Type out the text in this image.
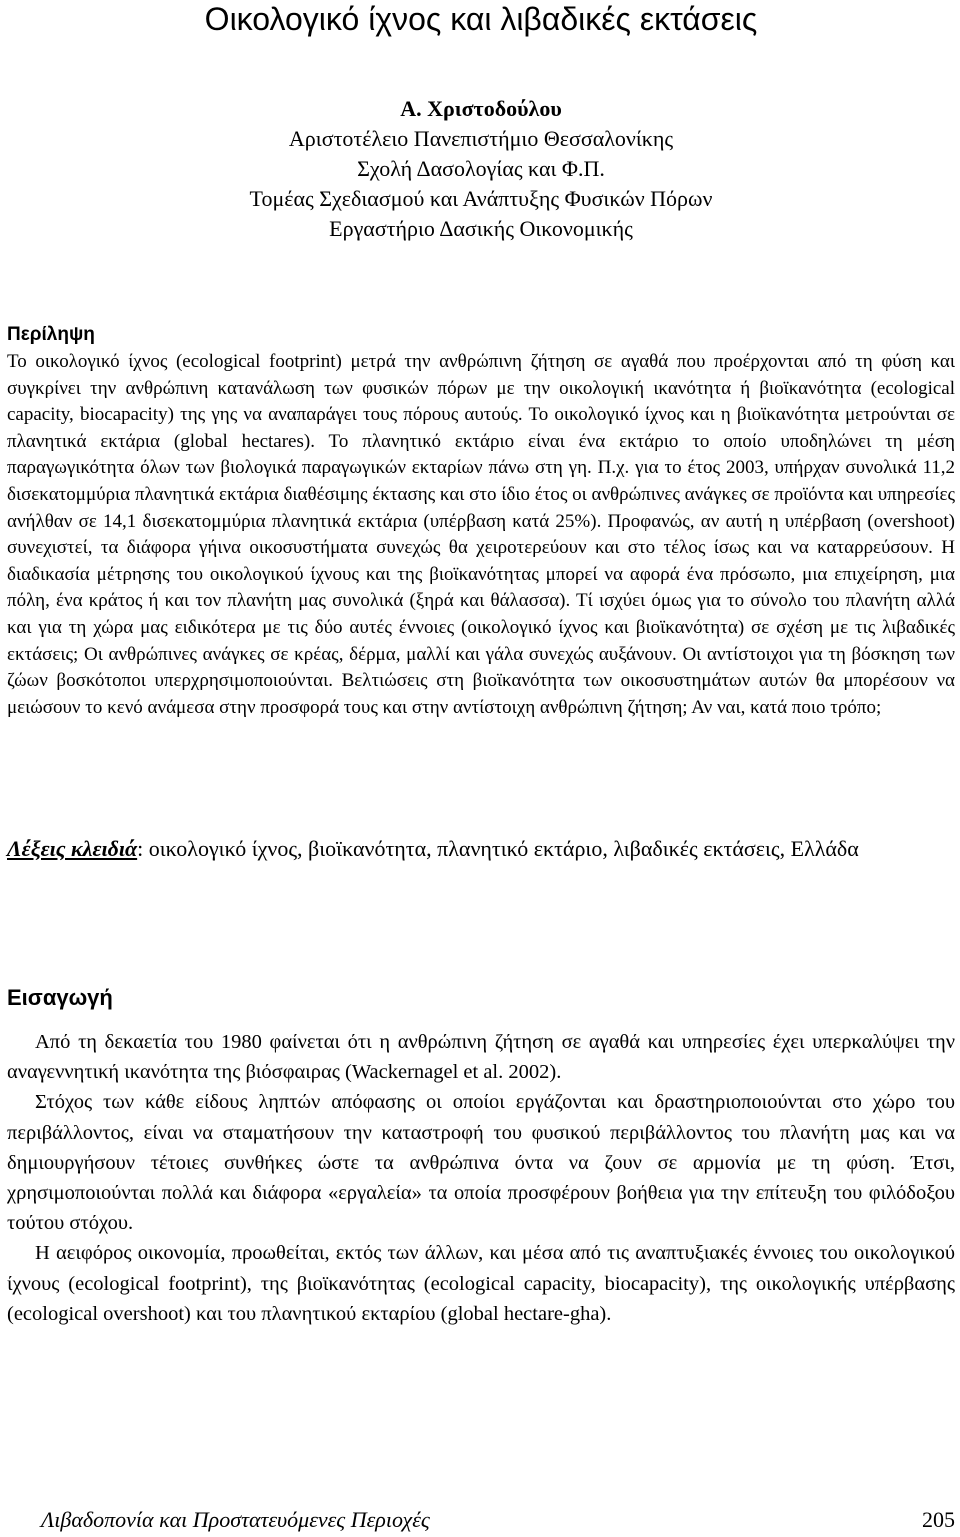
Οικολογικό ίχνος και λιβαδικές εκτάσεις
Α. Χριστοδούλου
Αριστοτέλειο Πανεπιστήμιο Θεσσαλονίκης
Σχολή Δασολογίας και Φ.Π.
Τομέας Σχεδιασμού και Ανάπτυξης Φυσικών Πόρων
Εργαστήριο Δασικής Οικονομικής
Περίληψη

Το οικολογικό ίχνος (ecological footprint) μετρά την ανθρώπινη ζήτηση σε αγαθά που προέρχονται από τη φύση και συγκρίνει την ανθρώπινη κατανάλωση των φυσικών πόρων με την οικολογική ικανότητα ή βιοϊκανότητα (ecological capacity, biocapacity) της γης να αναπαράγει τους πόρους αυτούς. Το οικολογικό ίχνος και η βιοϊκανότητα μετρούνται σε πλανητικά εκτάρια (global hectares). Το πλανητικό εκτάριο είναι ένα εκτάριο το οποίο υποδηλώνει τη μέση παραγωγικότητα όλων των βιολογικά παραγωγικών εκταρίων πάνω στη γη. Π.χ. για το έτος 2003, υπήρχαν συνολικά 11,2 δισεκατομμύρια πλανητικά εκτάρια διαθέσιμης έκτασης και στο ίδιο έτος οι ανθρώπινες ανάγκες σε προϊόντα και υπηρεσίες ανήλθαν σε 14,1 δισεκατομμύρια πλανητικά εκτάρια (υπέρβαση κατά 25%). Προφανώς, αν αυτή η υπέρβαση (overshoot) συνεχιστεί, τα διάφορα γήινα οικοσυστήματα συνεχώς θα χειροτερεύουν και στο τέλος ίσως και να καταρρεύσουν. Η διαδικασία μέτρησης του οικολογικού ίχνους και της βιοϊκανότητας μπορεί να αφορά ένα πρόσωπο, μια επιχείρηση, μια πόλη, ένα κράτος ή και τον πλανήτη μας συνολικά (ξηρά και θάλασσα). Τί ισχύει όμως για το σύνολο του πλανήτη αλλά και για τη χώρα μας ειδικότερα με τις δύο αυτές έννοιες (οικολογικό ίχνος και βιοϊκανότητα) σε σχέση με τις λιβαδικές εκτάσεις; Οι ανθρώπινες ανάγκες σε κρέας, δέρμα, μαλλί και γάλα συνεχώς αυξάνουν. Οι αντίστοιχοι για τη βόσκηση των ζώων βοσκότοποι υπερχρησιμοποιούνται. Βελτιώσεις στη βιοϊκανότητα των οικοσυστημάτων αυτών θα μπορέσουν να μειώσουν το κενό ανάμεσα στην προσφορά τους και στην αντίστοιχη ανθρώπινη ζήτηση; Αν ναι, κατά ποιο τρόπο;

Λέξεις κλειδιά: οικολογικό ίχνος, βιοϊκανότητα, πλανητικό εκτάριο, λιβαδικές εκτάσεις, Ελλάδα

Εισαγωγή

Από τη δεκαετία του 1980 φαίνεται ότι η ανθρώπινη ζήτηση σε αγαθά και υπηρεσίες έχει υπερκαλύψει την αναγεννητική ικανότητα της βιόσφαιρας (Wackernagel et al. 2002).

Στόχος των κάθε είδους ληπτών απόφασης οι οποίοι εργάζονται και δραστηριοποιούνται στο χώρο του περιβάλλοντος, είναι να σταματήσουν την καταστροφή του φυσικού περιβάλλοντος του πλανήτη μας και να δημιουργήσουν τέτοιες συνθήκες ώστε τα ανθρώπινα όντα να ζουν σε αρμονία με τη φύση. Έτσι, χρησιμοποιούνται πολλά και διάφορα «εργαλεία» τα οποία προσφέρουν βοήθεια για την επίτευξη του φιλόδοξου τούτου στόχου.

Η αειφόρος οικονομία, προωθείται, εκτός των άλλων, και μέσα από τις αναπτυξιακές έννοιες του οικολογικού ίχνους (ecological footprint), της βιοϊκανότητας (ecological capacity, biocapacity), της οικολογικής υπέρβασης (ecological overshoot) και του πλανητικού εκταρίου (global hectare-gha).

Λιβαδοπονία και Προστατευόμενες Περιοχές	205
